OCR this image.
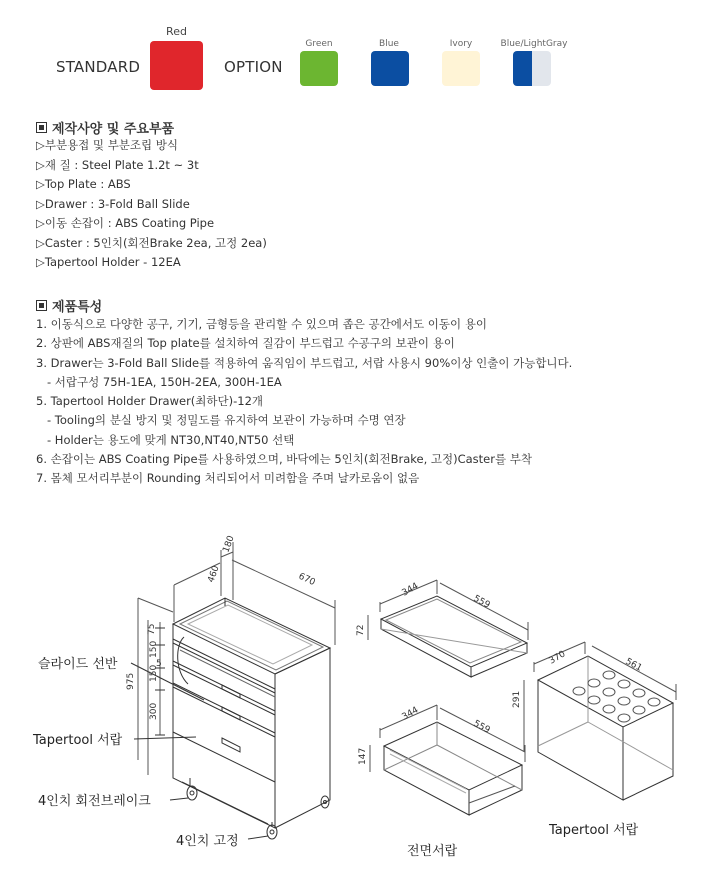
STANDARD
Red
OPTION
Green	Blue	Ivory	Blue/LightGray
제작사양 및 주요부품
▷부분용접 및 부분조립 방식
▷재 질 : Steel Plate 1.2t ~ 3t
▷Top Plate : ABS
▷Drawer : 3-Fold Ball Slide
▷이동 손잡이 : ABS Coating Pipe
▷Caster : 5인치(회전Brake 2ea, 고정 2ea)
▷Tapertool Holder - 12EA
제품특성
1. 이동식으로 다양한 공구, 기기, 금형등을 관리할 수 있으며 좁은 공간에서도 이동이 용이
2. 상판에 ABS재질의 Top plate를 설치하여 질감이 부드럽고 수공구의 보관이 용이
3. Drawer는 3-Fold Ball Slide를 적용하여 움직임이 부드럽고, 서랍 사용시 90%이상 인출이 가능합니다.
- 서랍구성 75H-1EA, 150H-2EA, 300H-1EA
5. Tapertool Holder Drawer(최하단)-12개
- Tooling의 분실 방지 및 정밀도를 유지하여 보관이 가능하며 수명 연장
- Holder는 용도에 맞게 NT30,NT40,NT50 선택
6. 손잡이는 ABS Coating Pipe를 사용하였으며, 바닥에는 5인치(회전Brake, 고정)Caster를 부착
7. 몸체 모서리부분이 Rounding 처리되어서 미려함을 주며 날카로움이 없음
180
460	670
75
150
975
5
150
300
344
559
72
344
559
147
370	561
291
슬라이드 선반
Tapertool 서랍
4인치 회전브레이크
4인치 고정
전면서랍
Tapertool 서랍
